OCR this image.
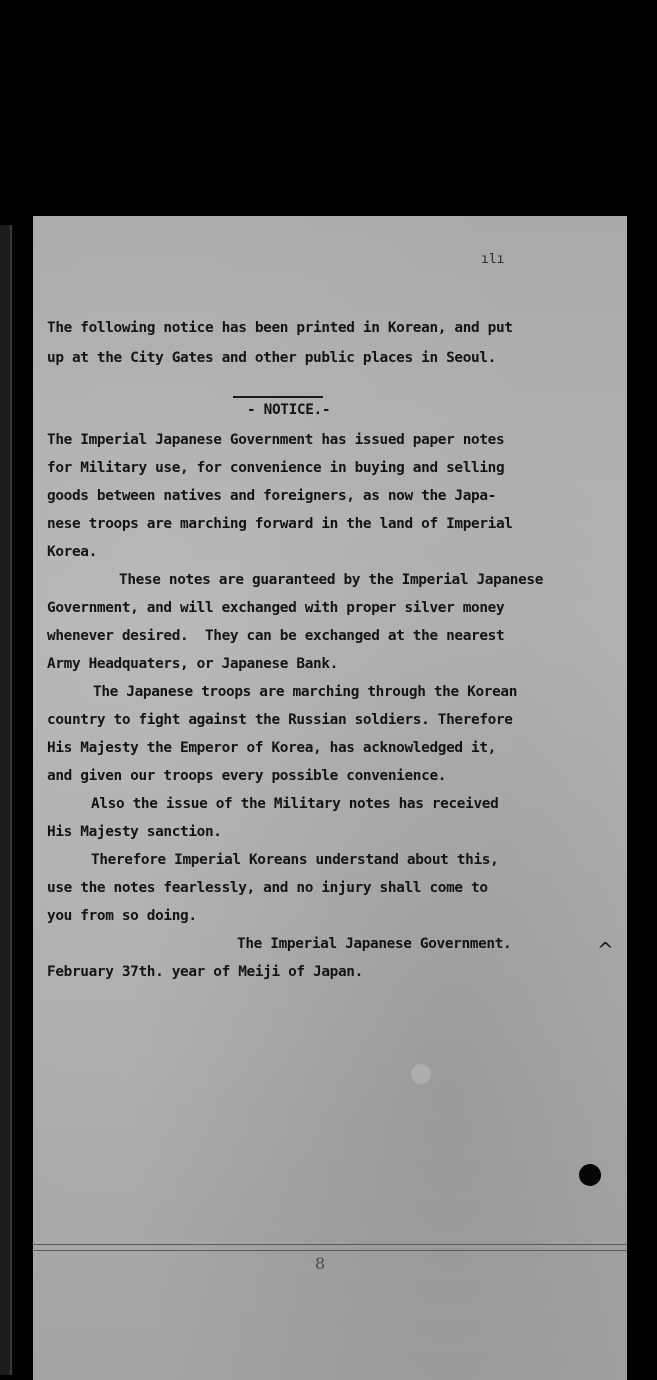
ılı
The following notice has been printed in Korean, and put
up at the City Gates and other public places in Seoul.
- NOTICE.-
The Imperial Japanese Government has issued paper notes
for Military use, for convenience in buying and selling
goods between natives and foreigners, as now the Japa-
nese troops are marching forward in the land of Imperial
Korea.
These notes are guaranteed by the Imperial Japanese
Government, and will exchanged with proper silver money
whenever desired.  They can be exchanged at the nearest
Army Headquaters, or Japanese Bank.
The Japanese troops are marching through the Korean
country to fight against the Russian soldiers. Therefore
His Majesty the Emperor of Korea, has acknowledged it,
and given our troops every possible convenience.
Also the issue of the Military notes has received
His Majesty sanction.
Therefore Imperial Koreans understand about this,
use the notes fearlessly, and no injury shall come to
you from so doing.
The Imperial Japanese Government.
February 37th. year of Meiji of Japan.
^
8
